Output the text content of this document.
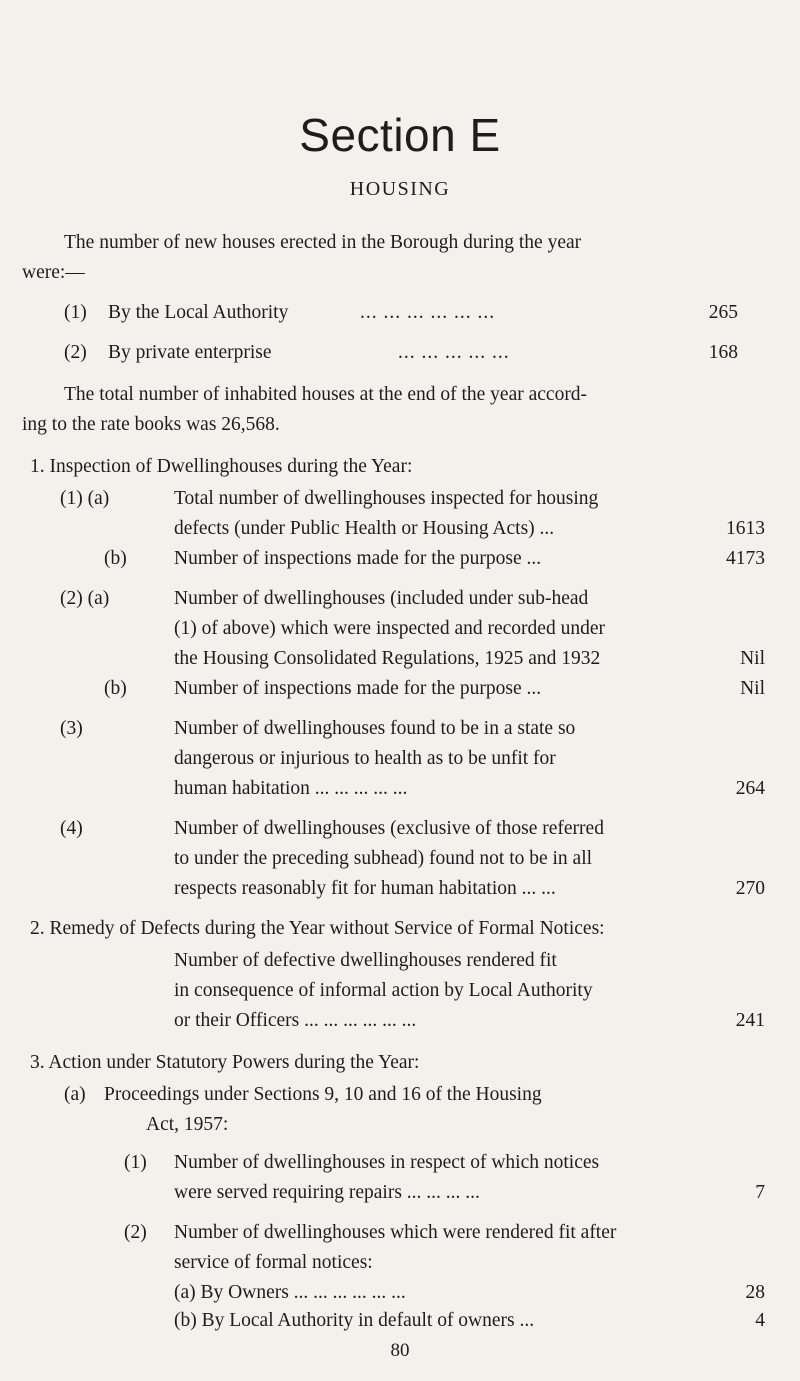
Section E
HOUSING
The number of new houses erected in the Borough during the year
were:—
(1) By the Local Authority	... ... ... ... ... ...	265
(2) By private enterprise	... ... ... ... ...	168
The total number of inhabited houses at the end of the year accord-
ing to the rate books was 26,568.
1. Inspection of Dwellinghouses during the Year:
(1) (a)	Total number of dwellinghouses inspected for housing
defects (under Public Health or Housing Acts) ...	1613
(b) Number of inspections made for the purpose ...	4173
(2) (a)	Number of dwellinghouses (included under sub-head
(1) of above) which were inspected and recorded under
the Housing Consolidated Regulations, 1925 and 1932	Nil
(b) Number of inspections made for the purpose ...	Nil
(3)	Number of dwellinghouses found to be in a state so
dangerous or injurious to health as to be unfit for
human habitation ... ... ... ... ...	264
(4)	Number of dwellinghouses (exclusive of those referred
to under the preceding subhead) found not to be in all
respects reasonably fit for human habitation ... ...	270
2. Remedy of Defects during the Year without Service of Formal Notices:
Number of defective dwellinghouses rendered fit
in consequence of informal action by Local Authority
or their Officers ... ... ... ... ... ...	241
3. Action under Statutory Powers during the Year:
(a) Proceedings under Sections 9, 10 and 16 of the Housing
Act, 1957:
(1) Number of dwellinghouses in respect of which notices
were served requiring repairs ... ... ... ...	7
(2) Number of dwellinghouses which were rendered fit after
service of formal notices:
(a) By Owners ... ... ... ... ... ...	28
(b) By Local Authority in default of owners ...	4
80
